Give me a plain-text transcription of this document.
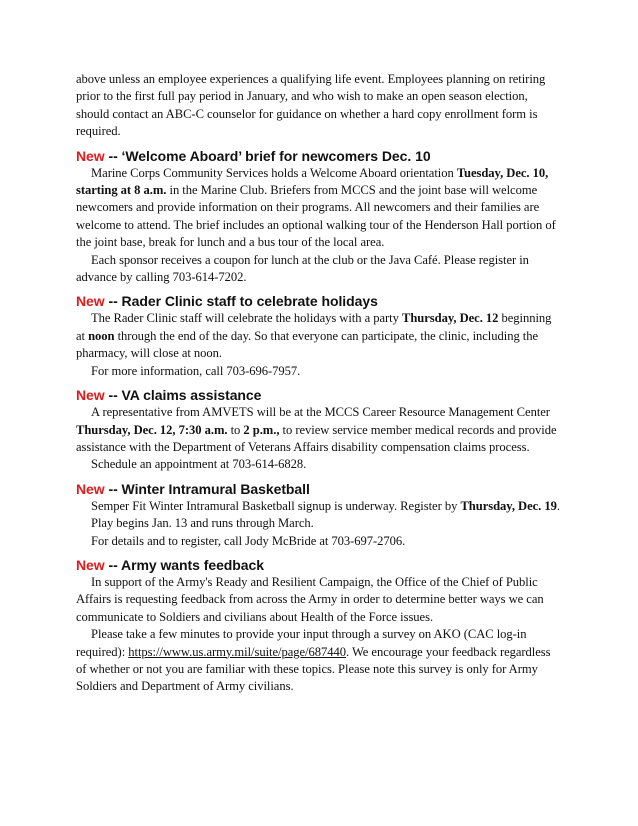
above unless an employee experiences a qualifying life event. Employees planning on retiring prior to the first full pay period in January, and who wish to make an open season election, should contact an ABC-C counselor for guidance on whether a hard copy enrollment form is required.

New -- ‘Welcome Aboard’ brief for newcomers Dec. 10

Marine Corps Community Services holds a Welcome Aboard orientation Tuesday, Dec. 10, starting at 8 a.m. in the Marine Club. Briefers from MCCS and the joint base will welcome newcomers and provide information on their programs. All newcomers and their families are welcome to attend. The brief includes an optional walking tour of the Henderson Hall portion of the joint base, break for lunch and a bus tour of the local area.

Each sponsor receives a coupon for lunch at the club or the Java Café. Please register in advance by calling 703-614-7202.

New -- Rader Clinic staff to celebrate holidays

The Rader Clinic staff will celebrate the holidays with a party Thursday, Dec. 12 beginning at noon through the end of the day. So that everyone can participate, the clinic, including the pharmacy, will close at noon.

For more information, call 703-696-7957.

New -- VA claims assistance

A representative from AMVETS will be at the MCCS Career Resource Management Center Thursday, Dec. 12, 7:30 a.m. to 2 p.m., to review service member medical records and provide assistance with the Department of Veterans Affairs disability compensation claims process.

Schedule an appointment at 703-614-6828.

New -- Winter Intramural Basketball

Semper Fit Winter Intramural Basketball signup is underway. Register by Thursday, Dec. 19.

Play begins Jan. 13 and runs through March.

For details and to register, call Jody McBride at 703-697-2706.

New -- Army wants feedback

In support of the Army's Ready and Resilient Campaign, the Office of the Chief of Public Affairs is requesting feedback from across the Army in order to determine better ways we can communicate to Soldiers and civilians about Health of the Force issues.

Please take a few minutes to provide your input through a survey on AKO (CAC log-in required): https://www.us.army.mil/suite/page/687440. We encourage your feedback regardless of whether or not you are familiar with these topics. Please note this survey is only for Army Soldiers and Department of Army civilians.
